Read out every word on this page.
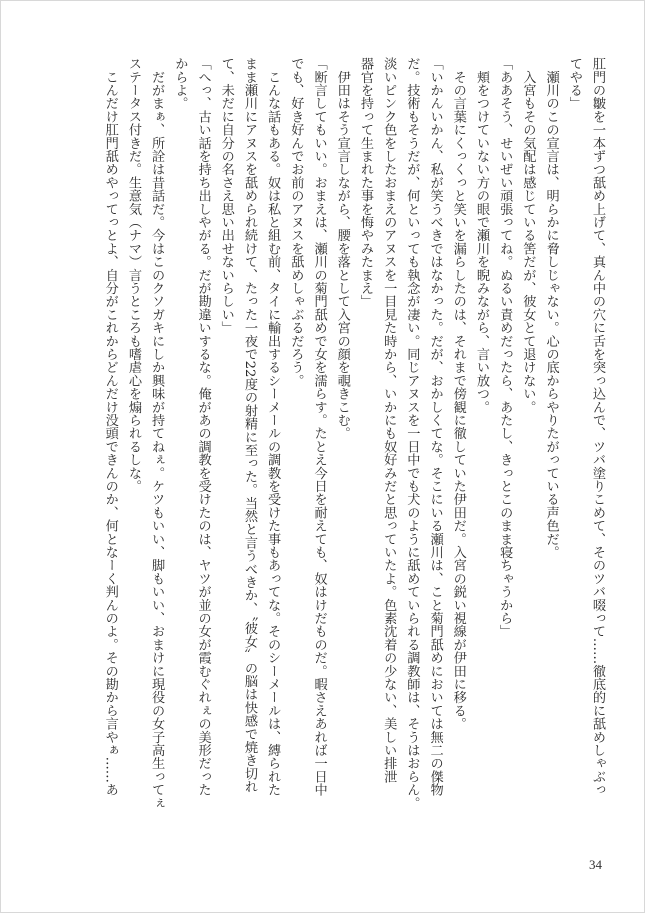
肛門の皺を一本ずつ舐め上げて、真ん中の穴に舌を突っ込んで、ツバ塗りこめて、そのツバ啜って……徹底的に舐めしゃぶっ
てやる」
　瀬川のこの宣言は、明らかに脅しじゃない。心の底からやりたがっている声色だ。
　入宮もその気配は感じている筈だが、彼女とて退けない。
「ああそう、せいぜい頑張ってね。ぬるい責めだったら、あたし、きっとこのまま寝ちゃうから」
　頬をつけていない方の眼で瀬川を睨みながら、言い放つ。
　その言葉にくっくっと笑いを漏らしたのは、それまで傍観に徹していた伊田だ。入宮の鋭い視線が伊田に移る。
「いかんいかん、私が笑うべきではなかった。だが、おかしくてな。そこにいる瀬川は、こと菊門舐めにおいては無二の傑物
だ。技術もそうだが、何といっても執念が凄い。同じアヌスを一日中でも犬のように舐めていられる調教師は、そうはおらん。
淡いピンク色をしたおまえのアヌスを一目見た時から、いかにも奴好みだと思っていたよ。色素沈着の少ない、美しい排泄
器官を持って生まれた事を悔やみたまえ」
　伊田はそう宣言しながら、腰を落として入宮の顔を覗きこむ。
「断言してもいい。おまえは、瀬川の菊門舐めで女を濡らす。たとえ今日を耐えても、奴はけだものだ。暇さえあれば一日中
でも、好き好んでお前のアヌスを舐めしゃぶるだろう。
　こんな話もある。奴は私と組む前、タイに輸出するシーメールの調教を受けた事もあってな。そのシーメールは、縛られた
まま瀬川にアヌスを舐められ続けて、たった一夜で22度の射精に至った。当然と言うべきか、〝彼女〟の脳は快感で焼き切れ
て、未だに自分の名さえ思い出せないらしい」
「へっ、古い話を持ち出しやがる。だが勘違いするな。俺があの調教を受けたのは、ヤツが並の女が霞むぐれぇの美形だった
からよ。
　だがまぁ、所詮は昔話だ。今はこのクソガキにしか興味が持てねぇ。ケツもいい、脚もいい、おまけに現役の女子高生ってぇ
ステータス付きだ。生意気（ナマ）言うところも嗜虐心を煽られるしな。
　こんだけ肛門舐めやってっとよ、自分がこれからどんだけ没頭できんのか、何となーく判んのよ。その勘から言やぁ……あ
34
